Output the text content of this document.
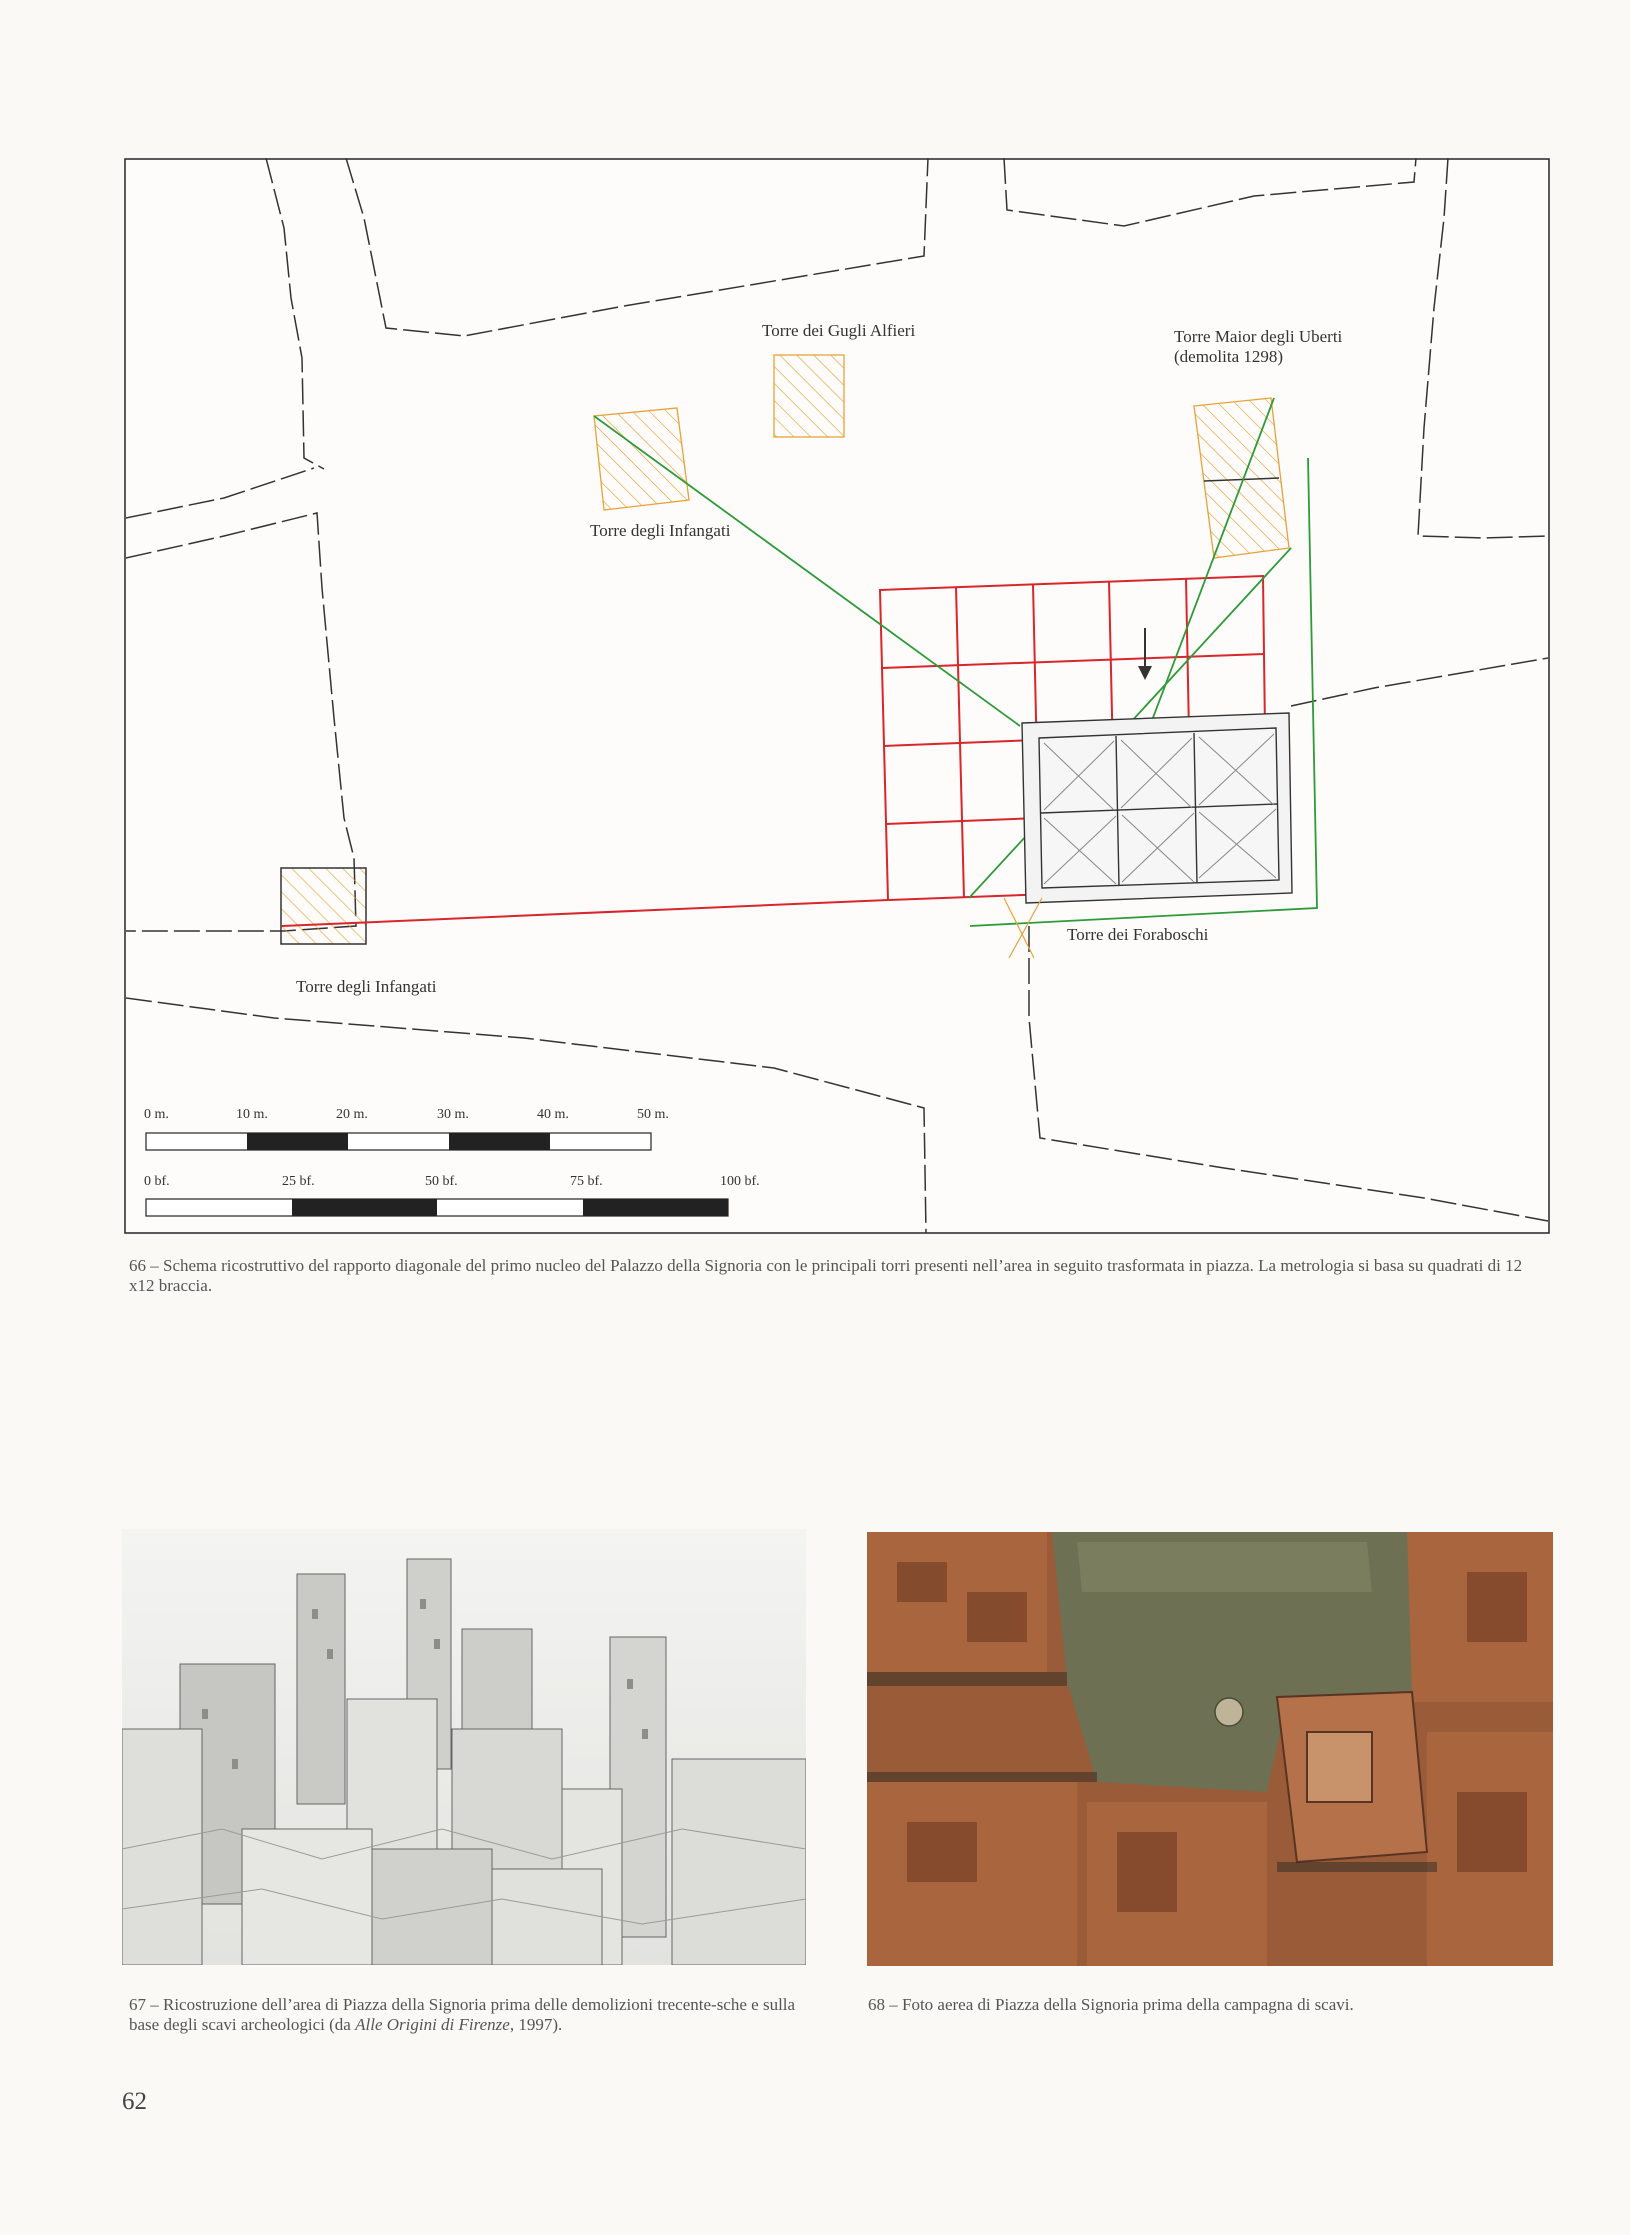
Torre dei Gugli Alfieri	Torre Maior degli Uberti
(demolita 1298)
Torre degli Infangati
Torre dei Foraboschi
Torre degli Infangati
0 m.	10 m.	20 m.	30 m.	40 m.	50 m.
0 bf.	25 bf.	50 bf.	75 bf.	100 bf.
66 – Schema ricostruttivo del rapporto diagonale del primo nucleo del Palazzo della Signoria con le principali torri presenti nell’area in seguito trasformata in piazza. La metrologia si basa su quadrati di 12 x12 braccia.
67 – Ricostruzione dell’area di Piazza della Signoria prima delle demolizioni trecente-sche e sulla base degli scavi archeologici (da Alle Origini di Firenze, 1997).
68 – Foto aerea di Piazza della Signoria prima della campagna di scavi.
62
